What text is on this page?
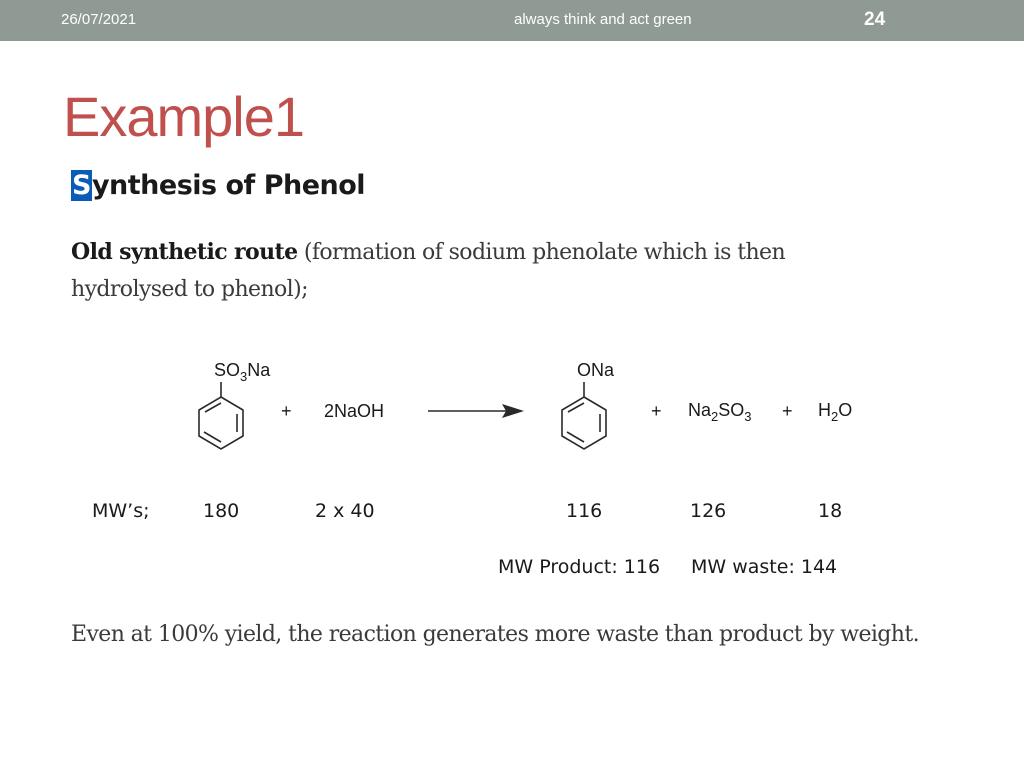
26/07/2021	always think and act green	24
Example1
Synthesis of Phenol
Old synthetic route (formation of sodium phenolate which is then hydrolysed to phenol);
$SO_3Na$
+ 2NaOH
ONa
+ $Na_2SO_3 + H_2O$
MW’s;	180	2 x 40	116	126	18
MW Product: 116 MW waste: 144
Even at 100% yield, the reaction generates more waste than product by weight.
